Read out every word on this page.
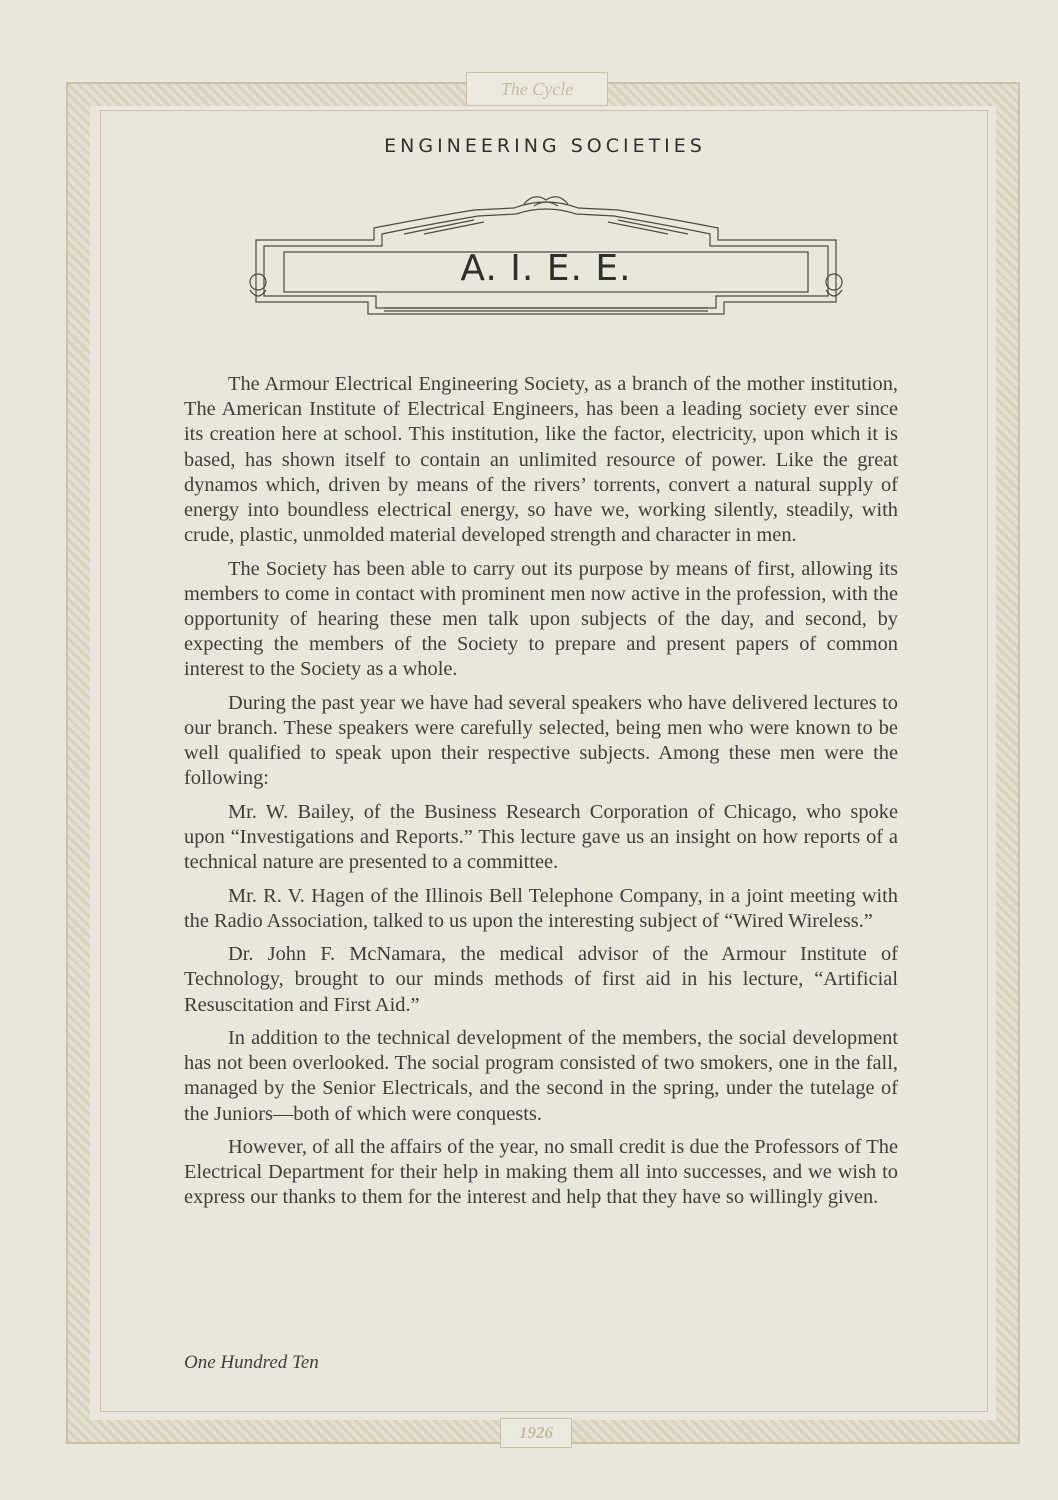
The Cycle
ENGINEERING SOCIETIES
A. I. E. E.

The Armour Electrical Engineering Society, as a branch of the mother institution, The American Institute of Electrical Engineers, has been a leading society ever since its creation here at school. This institution, like the factor, electricity, upon which it is based, has shown itself to contain an unlimited resource of power. Like the great dynamos which, driven by means of the rivers’ torrents, convert a natural supply of energy into boundless electrical energy, so have we, working silently, steadily, with crude, plastic, unmolded material developed strength and character in men.

The Society has been able to carry out its purpose by means of first, allowing its members to come in contact with prominent men now active in the profession, with the opportunity of hearing these men talk upon subjects of the day, and second, by expecting the members of the Society to prepare and present papers of common interest to the Society as a whole.

During the past year we have had several speakers who have delivered lectures to our branch. These speakers were carefully selected, being men who were known to be well qualified to speak upon their respective subjects. Among these men were the following:

Mr. W. Bailey, of the Business Research Corporation of Chicago, who spoke upon “Investigations and Reports.” This lecture gave us an insight on how reports of a technical nature are presented to a committee.

Mr. R. V. Hagen of the Illinois Bell Telephone Company, in a joint meeting with the Radio Association, talked to us upon the interesting subject of “Wired Wireless.”

Dr. John F. McNamara, the medical advisor of the Armour Institute of Technology, brought to our minds methods of first aid in his lecture, “Artificial Resuscitation and First Aid.”

In addition to the technical development of the members, the social development has not been overlooked. The social program consisted of two smokers, one in the fall, managed by the Senior Electricals, and the second in the spring, under the tutelage of the Juniors—both of which were conquests.

However, of all the affairs of the year, no small credit is due the Professors of The Electrical Department for their help in making them all into successes, and we wish to express our thanks to them for the interest and help that they have so willingly given.

One Hundred Ten
1926
